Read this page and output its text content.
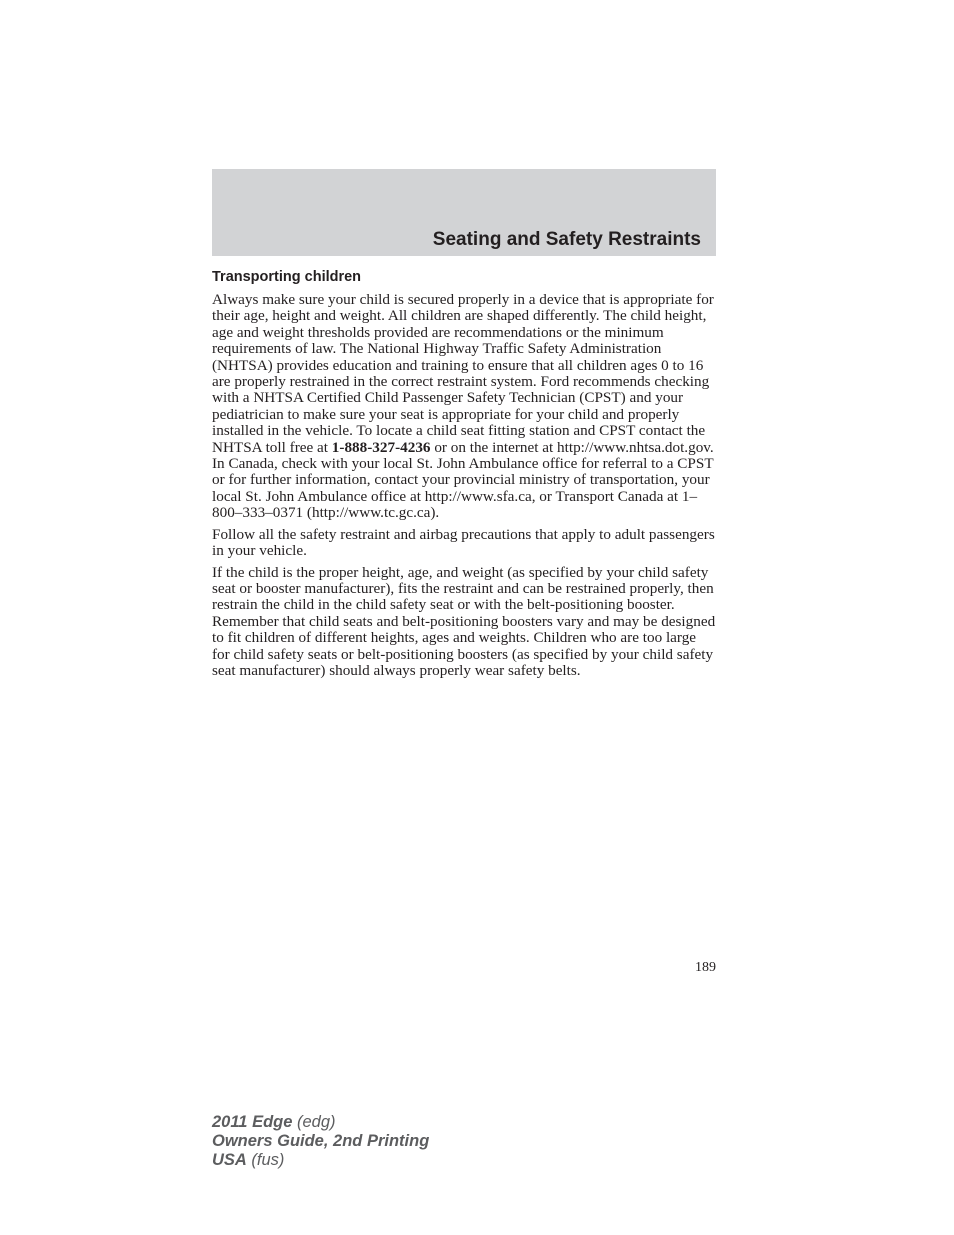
Seating and Safety Restraints
Transporting children

Always make sure your child is secured properly in a device that is appropriate for their age, height and weight. All children are shaped differently. The child height, age and weight thresholds provided are recommendations or the minimum requirements of law. The National Highway Traffic Safety Administration (NHTSA) provides education and training to ensure that all children ages 0 to 16 are properly restrained in the correct restraint system. Ford recommends checking with a NHTSA Certified Child Passenger Safety Technician (CPST) and your pediatrician to make sure your seat is appropriate for your child and properly installed in the vehicle. To locate a child seat fitting station and CPST contact the NHTSA toll free at 1-888-327-4236 or on the internet at http://www.nhtsa.dot.gov. In Canada, check with your local St. John Ambulance office for referral to a CPST or for further information, contact your provincial ministry of transportation, your local St. John Ambulance office at http://www.sfa.ca, or Transport Canada at 1–800–333–0371 (http://www.tc.gc.ca).

Follow all the safety restraint and airbag precautions that apply to adult passengers in your vehicle.

If the child is the proper height, age, and weight (as specified by your child safety seat or booster manufacturer), fits the restraint and can be restrained properly, then restrain the child in the child safety seat or with the belt-positioning booster. Remember that child seats and belt-positioning boosters vary and may be designed to fit children of different heights, ages and weights. Children who are too large for child safety seats or belt-positioning boosters (as specified by your child safety seat manufacturer) should always properly wear safety belts.

189
2011 Edge (edg)
Owners Guide, 2nd Printing
USA (fus)
